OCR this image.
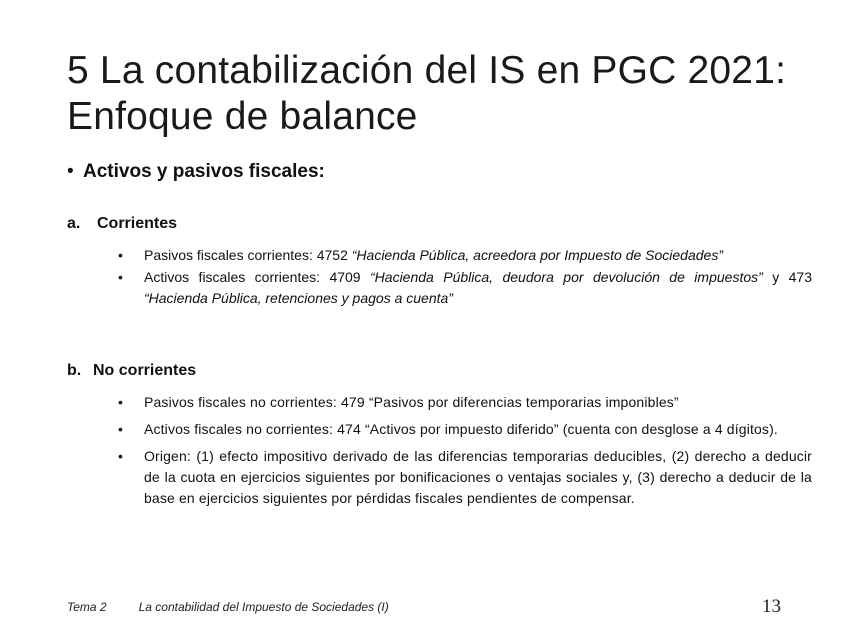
5 La contabilización del IS en PGC 2021:
Enfoque de balance
• Activos y pasivos fiscales:
a. Corrientes
• Pasivos fiscales corrientes: 4752 “Hacienda Pública, acreedora por Impuesto de Sociedades”
• Activos fiscales corrientes: 4709 “Hacienda Pública, deudora por devolución de impuestos” y 473 “Hacienda Pública, retenciones y pagos a cuenta”
b. No corrientes
• Pasivos fiscales no corrientes: 479 “Pasivos por diferencias temporarias imponibles”
• Activos fiscales no corrientes: 474 “Activos por impuesto diferido” (cuenta con desglose a 4 dígitos).
• Origen: (1) efecto impositivo derivado de las diferencias temporarias deducibles, (2) derecho a deducir de la cuota en ejercicios siguientes por bonificaciones o ventajas sociales y, (3) derecho a deducir de la base en ejercicios siguientes por pérdidas fiscales pendientes de compensar.
Tema 2	La contabilidad del Impuesto de Sociedades (I)	13
